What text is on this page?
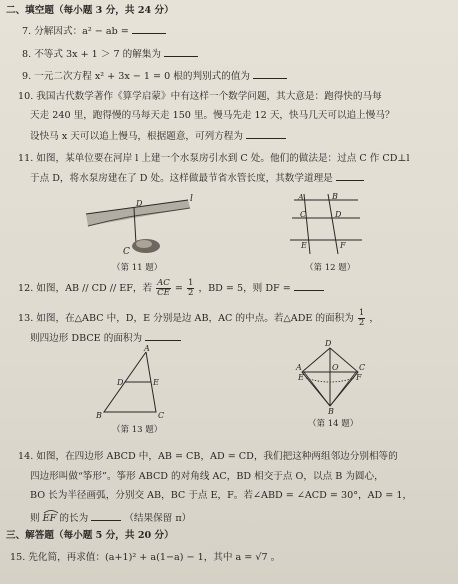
二、填空题（每小题 3 分，共 24 分）
7. 分解因式：a² − ab =
8. 不等式 3x + 1 ＞ 7 的解集为
9. 一元二次方程 x² + 3x − 1 = 0 根的判别式的值为
10. 我国古代数学著作《算学启蒙》中有这样一个数学问题，其大意是：跑得快的马每
天走 240 里，跑得慢的马每天走 150 里。慢马先走 12 天，快马几天可以追上慢马？
设快马 x 天可以追上慢马，根据题意，可列方程为
11. 如图，某单位要在河岸 l 上建一个水泵房引水到 C 处。他们的做法是：过点 C 作 CD⊥l
于点 D，将水泵房建在了 D 处。这样做最节省水管长度，其数学道理是
l
C
D
（第 11 题）
A	B
C	D
E	F
（第 12 题）
12. 如图，AB // CD // EF，若 $\frac{AC}{CE} = \frac{1}{2}$ ，BD = 5，则 DF =
13. 如图，在△ABC 中，D，E 分别是边 AB，AC 的中点。若△ADE 的面积为 $\frac{1}{2}$ ，
则四边形 DBCE 的面积为
A
D	E
B	C
（第 13 题）
D
A	C
E	F
O
B
（第 14 题）
14. 如图，在四边形 ABCD 中，AB = CB，AD = CD，我们把这种两组邻边分别相等的
四边形叫做“筝形”。筝形 ABCD 的对角线 AC，BD 相交于点 O，以点 B 为圆心，
BO 长为半径画弧，分别交 AB，BC 于点 E，F。若∠ABD = ∠ACD = 30°，AD = 1，
则 EF 的长为	（结果保留 π）
三、解答题（每小题 5 分，共 20 分）
15. 先化简，再求值：(a+1)² + a(1−a) − 1，其中 a = √7 。
